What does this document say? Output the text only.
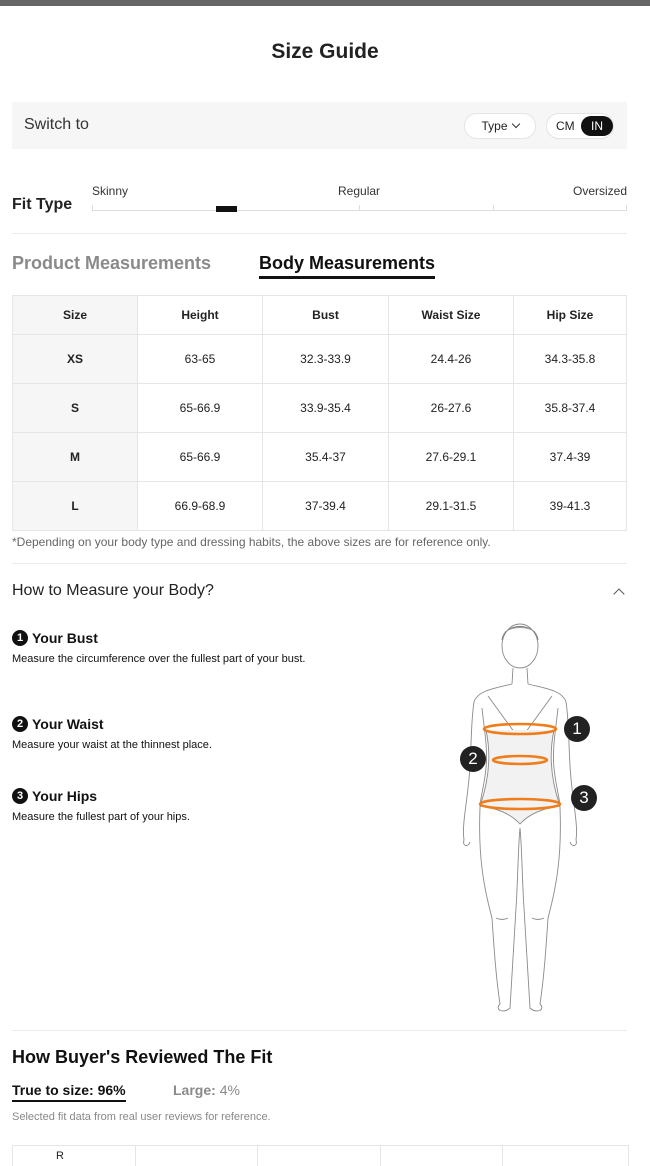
Size Guide
Switch to	Type	CM	IN
Fit Type
Skinny	Regular	Oversized
Product Measurements	Body Measurements
Size	Height	Bust	Waist Size	Hip Size
XS	63-65	32.3-33.9	24.4-26	34.3-35.8
S	65-66.9	33.9-35.4	26-27.6	35.8-37.4
M	65-66.9	35.4-37	27.6-29.1	37.4-39
L	66.9-68.9	37-39.4	29.1-31.5	39-41.3
*Depending on your body type and dressing habits, the above sizes are for reference only.
How to Measure your Body?
1 Your Bust
Measure the circumference over the fullest part of your bust.
2 Your Waist
Measure your waist at the thinnest place.
3 Your Hips
Measure the fullest part of your hips.
1
2
3
How Buyer's Reviewed The Fit
True to size: 96%	Large: 4%
Selected fit data from real user reviews for reference.
R
